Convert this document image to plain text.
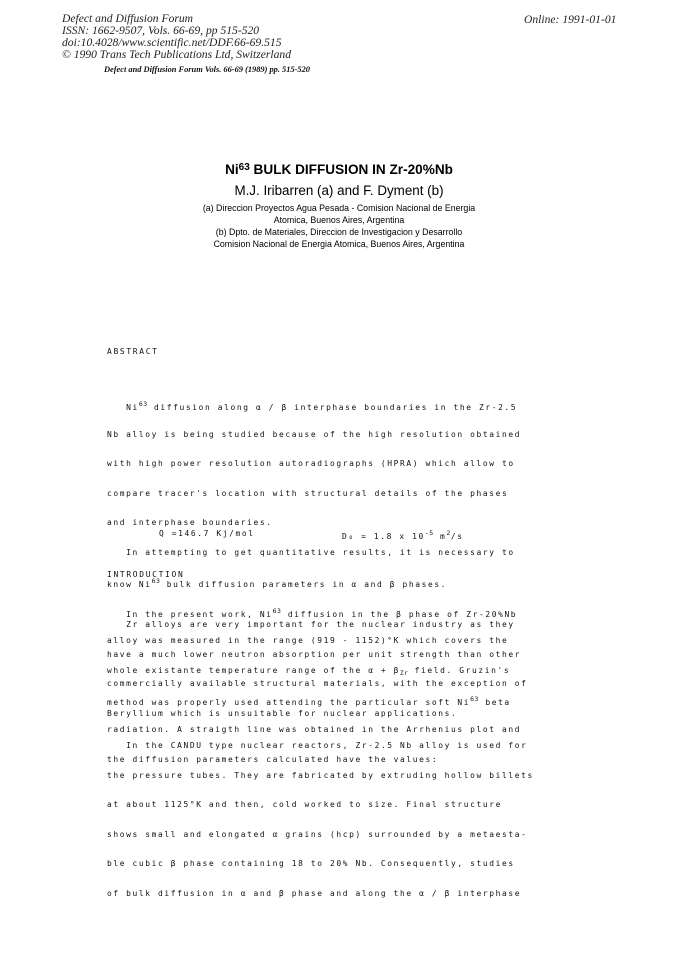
Defect and Diffusion Forum
ISSN: 1662-9507, Vols. 66-69, pp 515-520
doi:10.4028/www.scientific.net/DDF.66-69.515
© 1990 Trans Tech Publications Ltd, Switzerland
Online: 1991-01-01
Defect and Diffusion Forum Vols. 66-69 (1989) pp. 515-520
Ni$^{63}$ BULK DIFFUSION IN Zr-20%Nb
M.J. Iribarren (a) and F. Dyment (b)
(a) Direccion Proyectos Agua Pesada - Comision Nacional de Energia
Atomica, Buenos Aires, Argentina
(b) Dpto. de Materiales, Direccion de Investigacion y Desarrollo
Comision Nacional de Energia Atomica, Buenos Aires, Argentina
ABSTRACT

Ni$^{63}$ diffusion along α / β interphase boundaries in the Zr-2.5

Nb alloy is being studied because of the high resolution obtained

with high power resolution autoradiographs (HPRA) which allow to

compare tracer's location with structural details of the phases

and interphase boundaries.

In attempting to get quantitative results, it is necessary to

know Ni$^{63}$ bulk diffusion parameters in α and β phases.

In the present work, Ni$^{63}$ diffusion in the β phase of Zr-20%Nb

alloy was measured in the range (919 - 1152)°K which covers the

whole existante temperature range of the $\alpha + \beta_{Zr}$ field. Gruzin's

method was properly used attending the particular soft Ni$^{63}$ beta

radiation. A straigth line was obtained in the Arrhenius plot and

the diffusion parameters calculated have the values:

Q =146.7 Kj/mol	D₀ = 1.8 x $10^{-5}$ $m^2/s$
INTRODUCTION

Zr alloys are very important for the nuclear industry as they

have a much lower neutron absorption per unit strength than other

commercially available structural materials, with the exception of

Beryllium which is unsuitable for nuclear applications.

In the CANDU type nuclear reactors, Zr-2.5 Nb alloy is used for

the pressure tubes. They are fabricated by extruding hollow billets

at about 1125°K and then, cold worked to size. Final structure

shows small and elongated α grains (hcp) surrounded by a metaesta-

ble cubic β phase containing 18 to 20% Nb. Consequently, studies

of bulk diffusion in α and β phase and along the α / β interphase
